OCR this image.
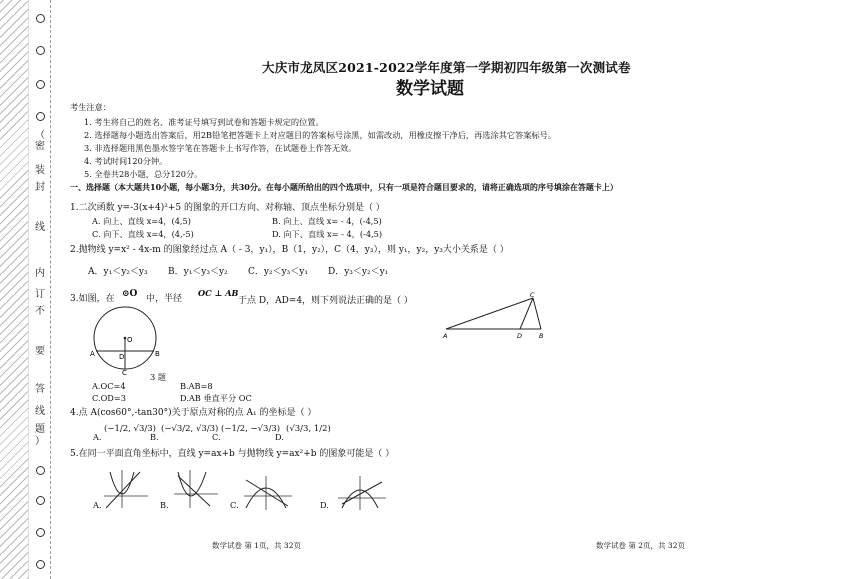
（
密
装
封
线
内
订
不
要
答
线
题
）
大庆市龙凤区2021-2022学年度第一学期初四年级第一次测试卷
数学试题
考生注意：
1. 考生将自己的姓名、准考证号填写到试卷和答题卡规定的位置。
2. 选择题每小题选出答案后，用2B铅笔把答题卡上对应题目的答案标号涂黑，如需改动，用橡皮擦干净后，再选涂其它答案标号。
3. 非选择题用黑色墨水签字笔在答题卡上书写作答，在试题卷上作答无效。
4. 考试时间120分钟。
5. 全卷共28小题，总分120分。
一、选择题（本大题共10小题，每小题3分，共30分。在每小题所给出的四个选项中，只有一项是符合题目要求的，请将正确选项的序号填涂在答题卡上）
1.二次函数 y=-3(x+4)²+5 的图象的开口方向、对称轴、顶点坐标分别是（ ）
A. 向上、直线 x=4，(4,5)	B. 向上、直线 x= - 4，(-4,5)
C. 向下、直线 x=4，(4,-5)	D. 向下、直线 x= - 4，(-4,5)
2.抛物线 y=x² - 4x-m 的图象经过点 A（ - 3，y₁），B（1，y₂），C（4，y₃），则 y₁，y₂，y₃大小关系是（ ）
A．y₁＜y₂＜y₃ B．y₁＜y₃＜y₂ C．y₂＜y₃＜y₁ D．y₃＜y₂＜y₁
3.如图，在 ⊙O 中，半径
OC ⊥ AB
于点 D，AD=4，则下列说法正确的是（ ）
O
A	B
C
D
3 题
A	D	B
C
A.OC=4	B.AB=8
C.OD=3	D.AB 垂直平分 OC
4.点 A(cos60°,-tan30°)关于原点对称的点 A₁ 的坐标是（ ）
A.
(−1/2, √3/3)
B.
(−√3/2, √3/3)
C.
(−1/2, −√3/3)
D.
(√3/3, 1/2)
5.在同一平面直角坐标中，直线 y=ax+b 与抛物线 y=ax²+b 的图象可能是（ ）
A.	B.	C.	D.
数学试卷 第 1页，共 32页	数学试卷 第 2页，共 32页
